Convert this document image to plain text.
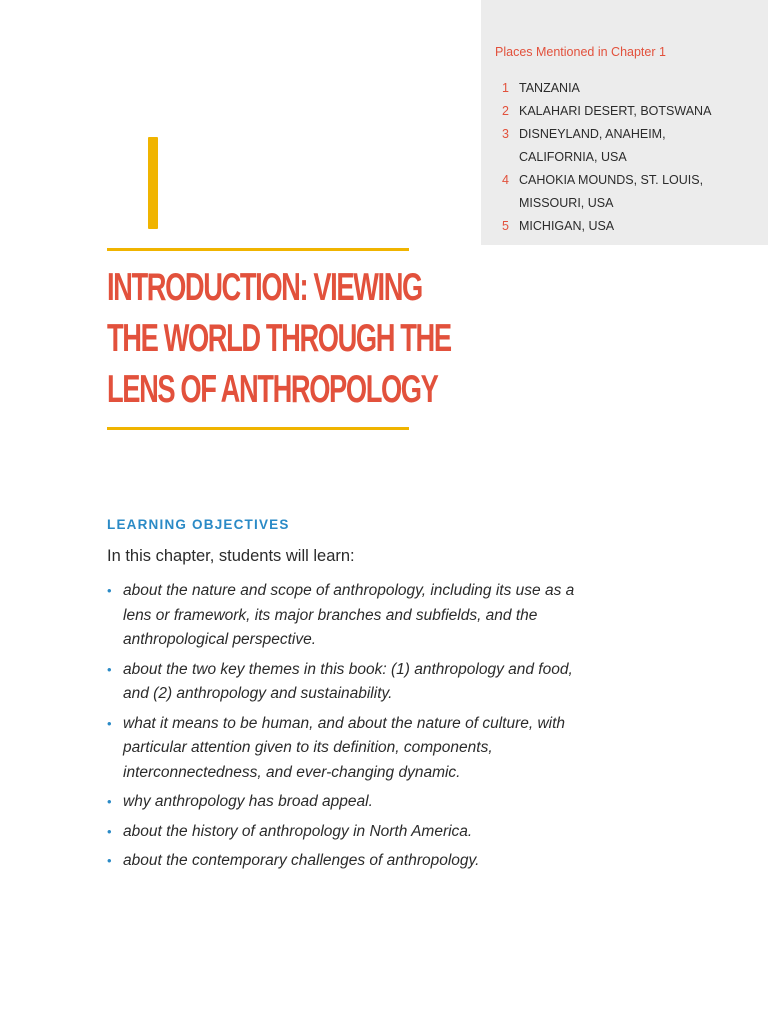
Places Mentioned in Chapter 1
1 TANZANIA
2 KALAHARI DESERT, BOTSWANA
3 DISNEYLAND, ANAHEIM, CALIFORNIA, USA
4 CAHOKIA MOUNDS, ST. LOUIS, MISSOURI, USA
5 MICHIGAN, USA
INTRODUCTION: VIEWING
THE WORLD THROUGH THE
LENS OF ANTHROPOLOGY
LEARNING OBJECTIVES

In this chapter, students will learn:

• about the nature and scope of anthropology, including its use as a lens or framework, its major branches and subfields, and the anthropological perspective.
• about the two key themes in this book: (1) anthropology and food, and (2) anthropology and sustainability.
• what it means to be human, and about the nature of culture, with particular attention given to its definition, components, interconnectedness, and ever-changing dynamic.
• why anthropology has broad appeal.
• about the history of anthropology in North America.
• about the contemporary challenges of anthropology.
